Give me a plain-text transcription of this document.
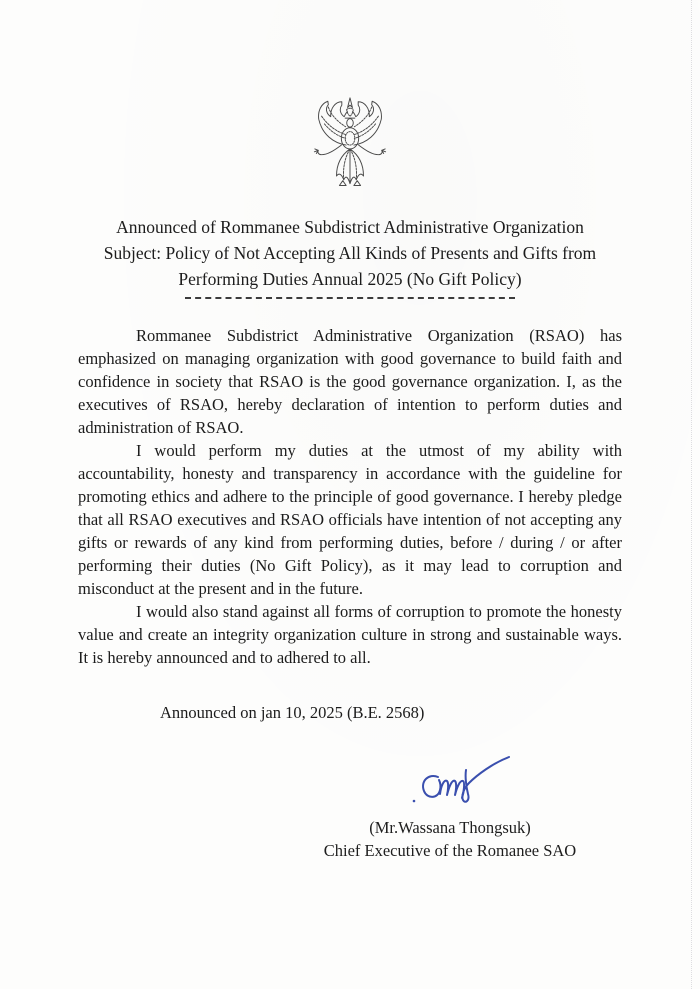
Announced of Rommanee Subdistrict Administrative Organization
Subject: Policy of Not Accepting All Kinds of Presents and Gifts from
Performing Duties Annual 2025 (No Gift Policy)

Rommanee Subdistrict Administrative Organization (RSAO) has emphasized on managing organization with good governance to build faith and confidence in society that RSAO is the good governance organization. I, as the executives of RSAO, hereby declaration of intention to perform duties and administration of RSAO.

I would perform my duties at the utmost of my ability with accountability, honesty and transparency in accordance with the guideline for promoting ethics and adhere to the principle of good governance. I hereby pledge that all RSAO executives and RSAO officials have intention of not accepting any gifts or rewards of any kind from performing duties, before / during / or after performing their duties (No Gift Policy), as it may lead to corruption and misconduct at the present and in the future.

I would also stand against all forms of corruption to promote the honesty value and create an integrity organization culture in strong and sustainable ways. It is hereby announced and to adhered to all.

Announced on jan 10, 2025 (B.E. 2568)
(Mr.Wassana Thongsuk)
Chief Executive of the Romanee SAO
